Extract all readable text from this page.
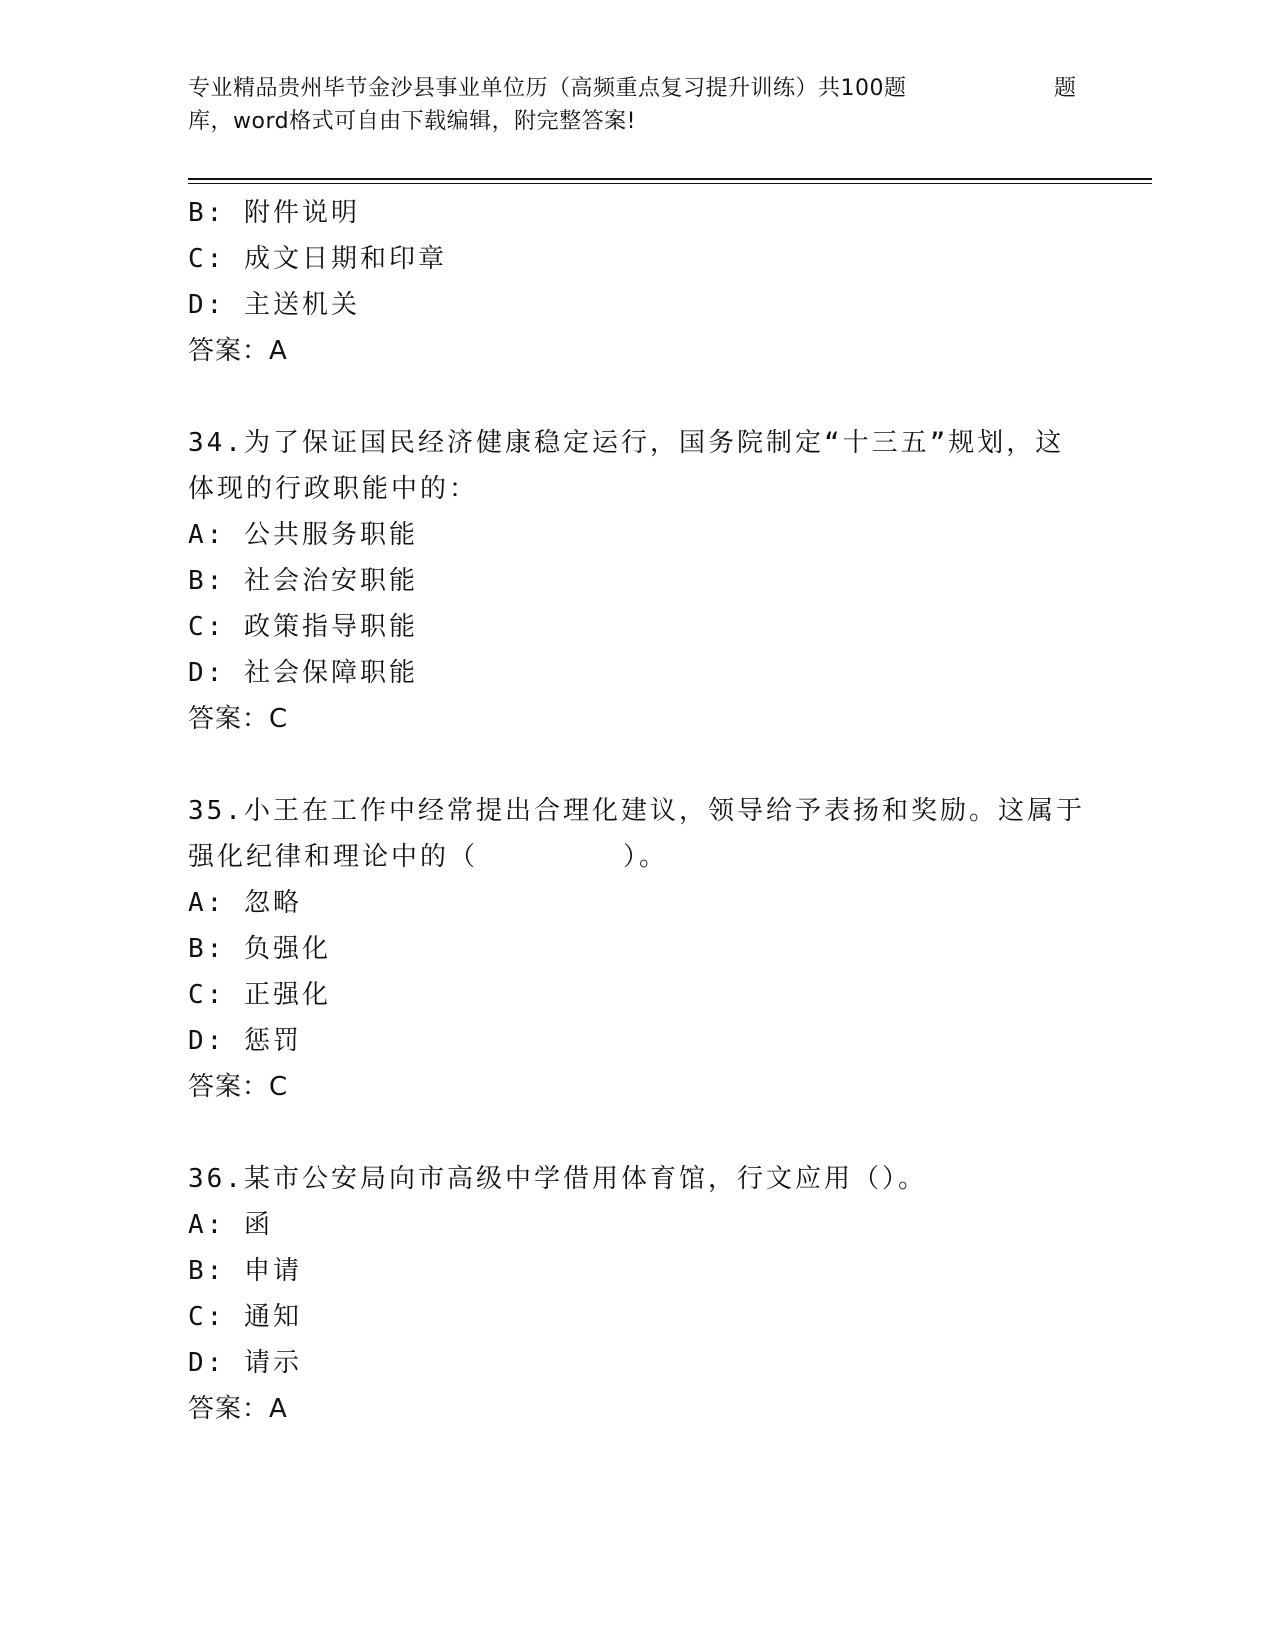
专业精品贵州毕节金沙县事业单位历（高频重点复习提升训练）共100题	题
库，word格式可自由下载编辑，附完整答案!
B: 附件说明
C: 成文日期和印章
D: 主送机关
答案：A
34.为了保证国民经济健康稳定运行，国务院制定“十三五”规划，这
体现的行政职能中的：
A: 公共服务职能
B: 社会治安职能
C: 政策指导职能
D: 社会保障职能
答案：C
35.小王在工作中经常提出合理化建议，领导给予表扬和奖励。这属于
强化纪律和理论中的（　　　　　）。
A: 忽略
B: 负强化
C: 正强化
D: 惩罚
答案：C
36.某市公安局向市高级中学借用体育馆，行文应用（）。
A: 函
B: 申请
C: 通知
D: 请示
答案：A
